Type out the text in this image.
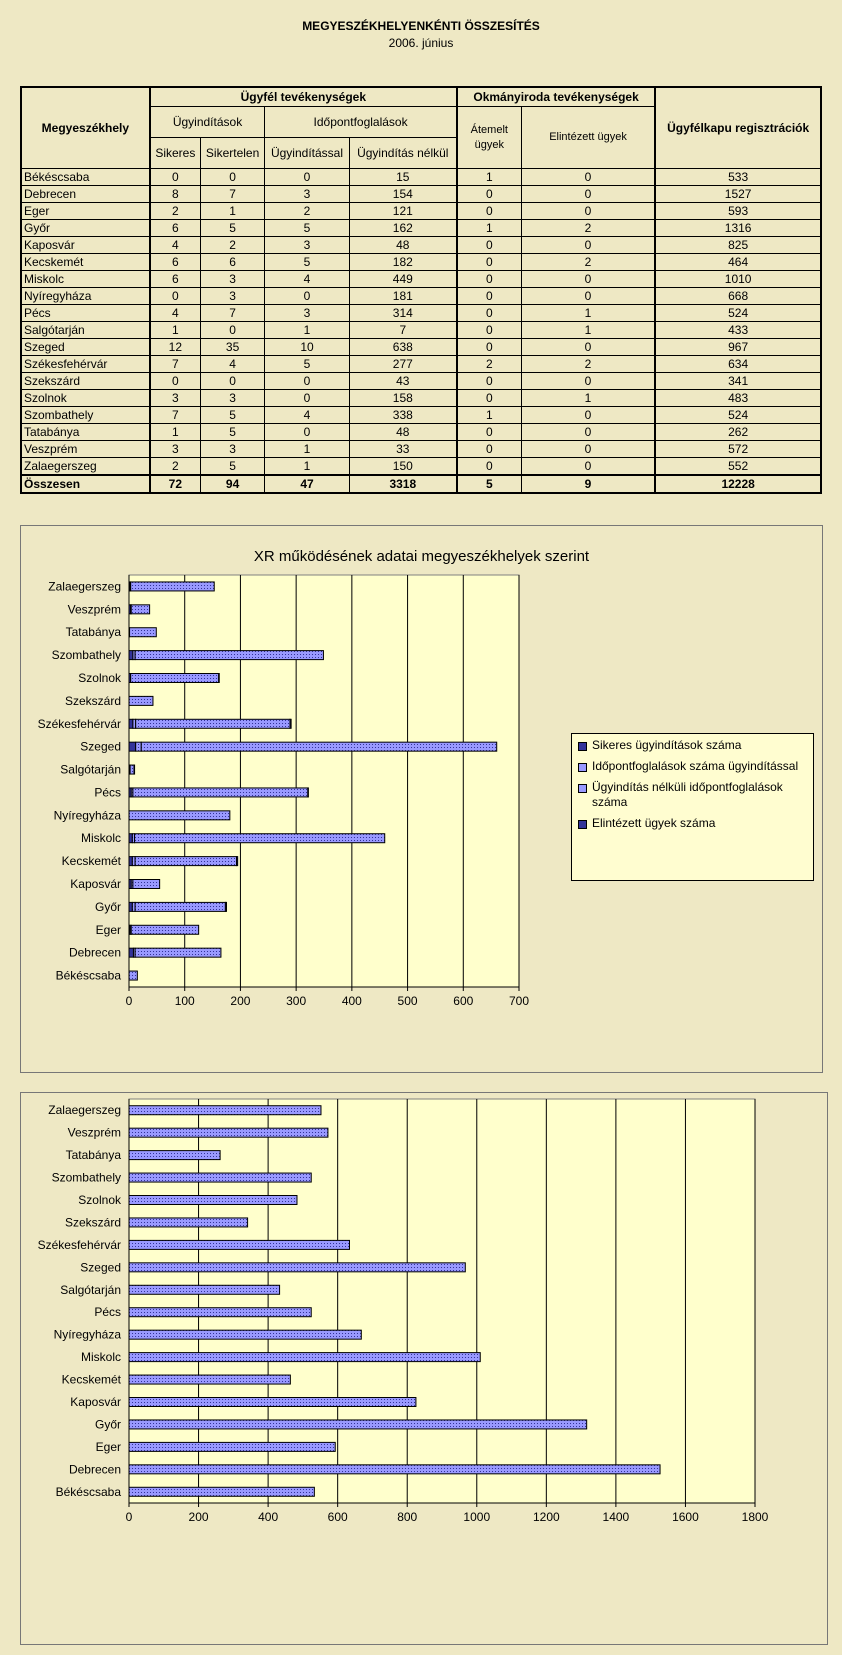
MEGYESZÉKHELYENKÉNTI ÖSSZESÍTÉS
2006. június
Megyeszékhely	Ügyfél tevékenységek				Okmányiroda tevékenységek		Ügyfélkapu regisztrációk
	Ügyindítások		Időpontfoglalások		Átemelt ügyek	Elintézett ügyek	
	Sikeres	Sikertelen	Ügyindítással	Ügyindítás nélkül			
Békéscsaba	0	0	0	15	1	0	533
Debrecen	8	7	3	154	0	0	1527
Eger	2	1	2	121	0	0	593
Győr	6	5	5	162	1	2	1316
Kaposvár	4	2	3	48	0	0	825
Kecskemét	6	6	5	182	0	2	464
Miskolc	6	3	4	449	0	0	1010
Nyíregyháza	0	3	0	181	0	0	668
Pécs	4	7	3	314	0	1	524
Salgótarján	1	0	1	7	0	1	433
Szeged	12	35	10	638	0	0	967
Székesfehérvár	7	4	5	277	2	2	634
Szekszárd	0	0	0	43	0	0	341
Szolnok	3	3	0	158	0	1	483
Szombathely	7	5	4	338	1	0	524
Tatabánya	1	5	0	48	0	0	262
Veszprém	3	3	1	33	0	0	572
Zalaegerszeg	2	5	1	150	0	0	552
Összesen	72	94	47	3318	5	9	12228
XR működésének adatai megyeszékhelyek szerint
0	100	200	300	400	500	600	700
Békéscsaba
Debrecen
Eger
Győr
Kaposvár
Kecskemét
Miskolc
Nyíregyháza
Pécs
Salgótarján
Szeged
Székesfehérvár
Szekszárd
Szolnok
Szombathely
Tatabánya
Veszprém
Zalaegerszeg
Sikeres ügyindítások száma
Időpontfoglalások száma ügyindítással
Ügyindítás nélküli időpontfoglalások száma
Elintézett ügyek száma
0	200	400	600	800	1000	1200	1400	1600	1800
Békéscsaba
Debrecen
Eger
Győr
Kaposvár
Kecskemét
Miskolc
Nyíregyháza
Pécs
Salgótarján
Szeged
Székesfehérvár
Szekszárd
Szolnok
Szombathely
Tatabánya
Veszprém
Zalaegerszeg
